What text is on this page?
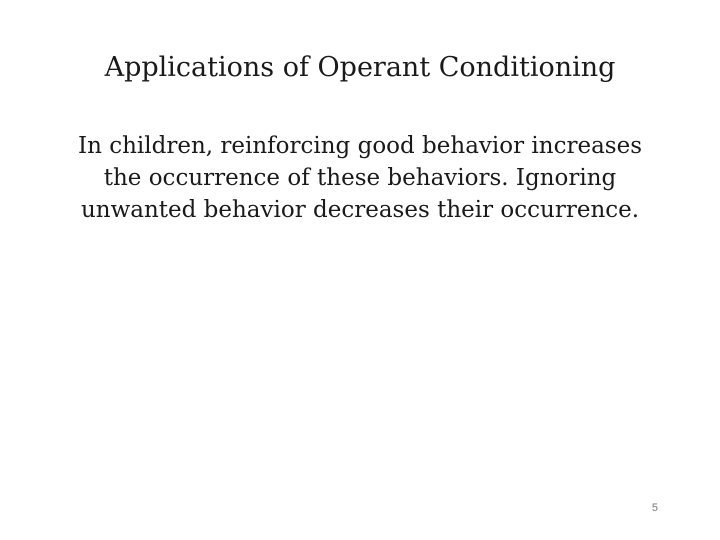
Applications of Operant Conditioning

In children, reinforcing good behavior increases
the occurrence of these behaviors. Ignoring
unwanted behavior decreases their occurrence.

5
